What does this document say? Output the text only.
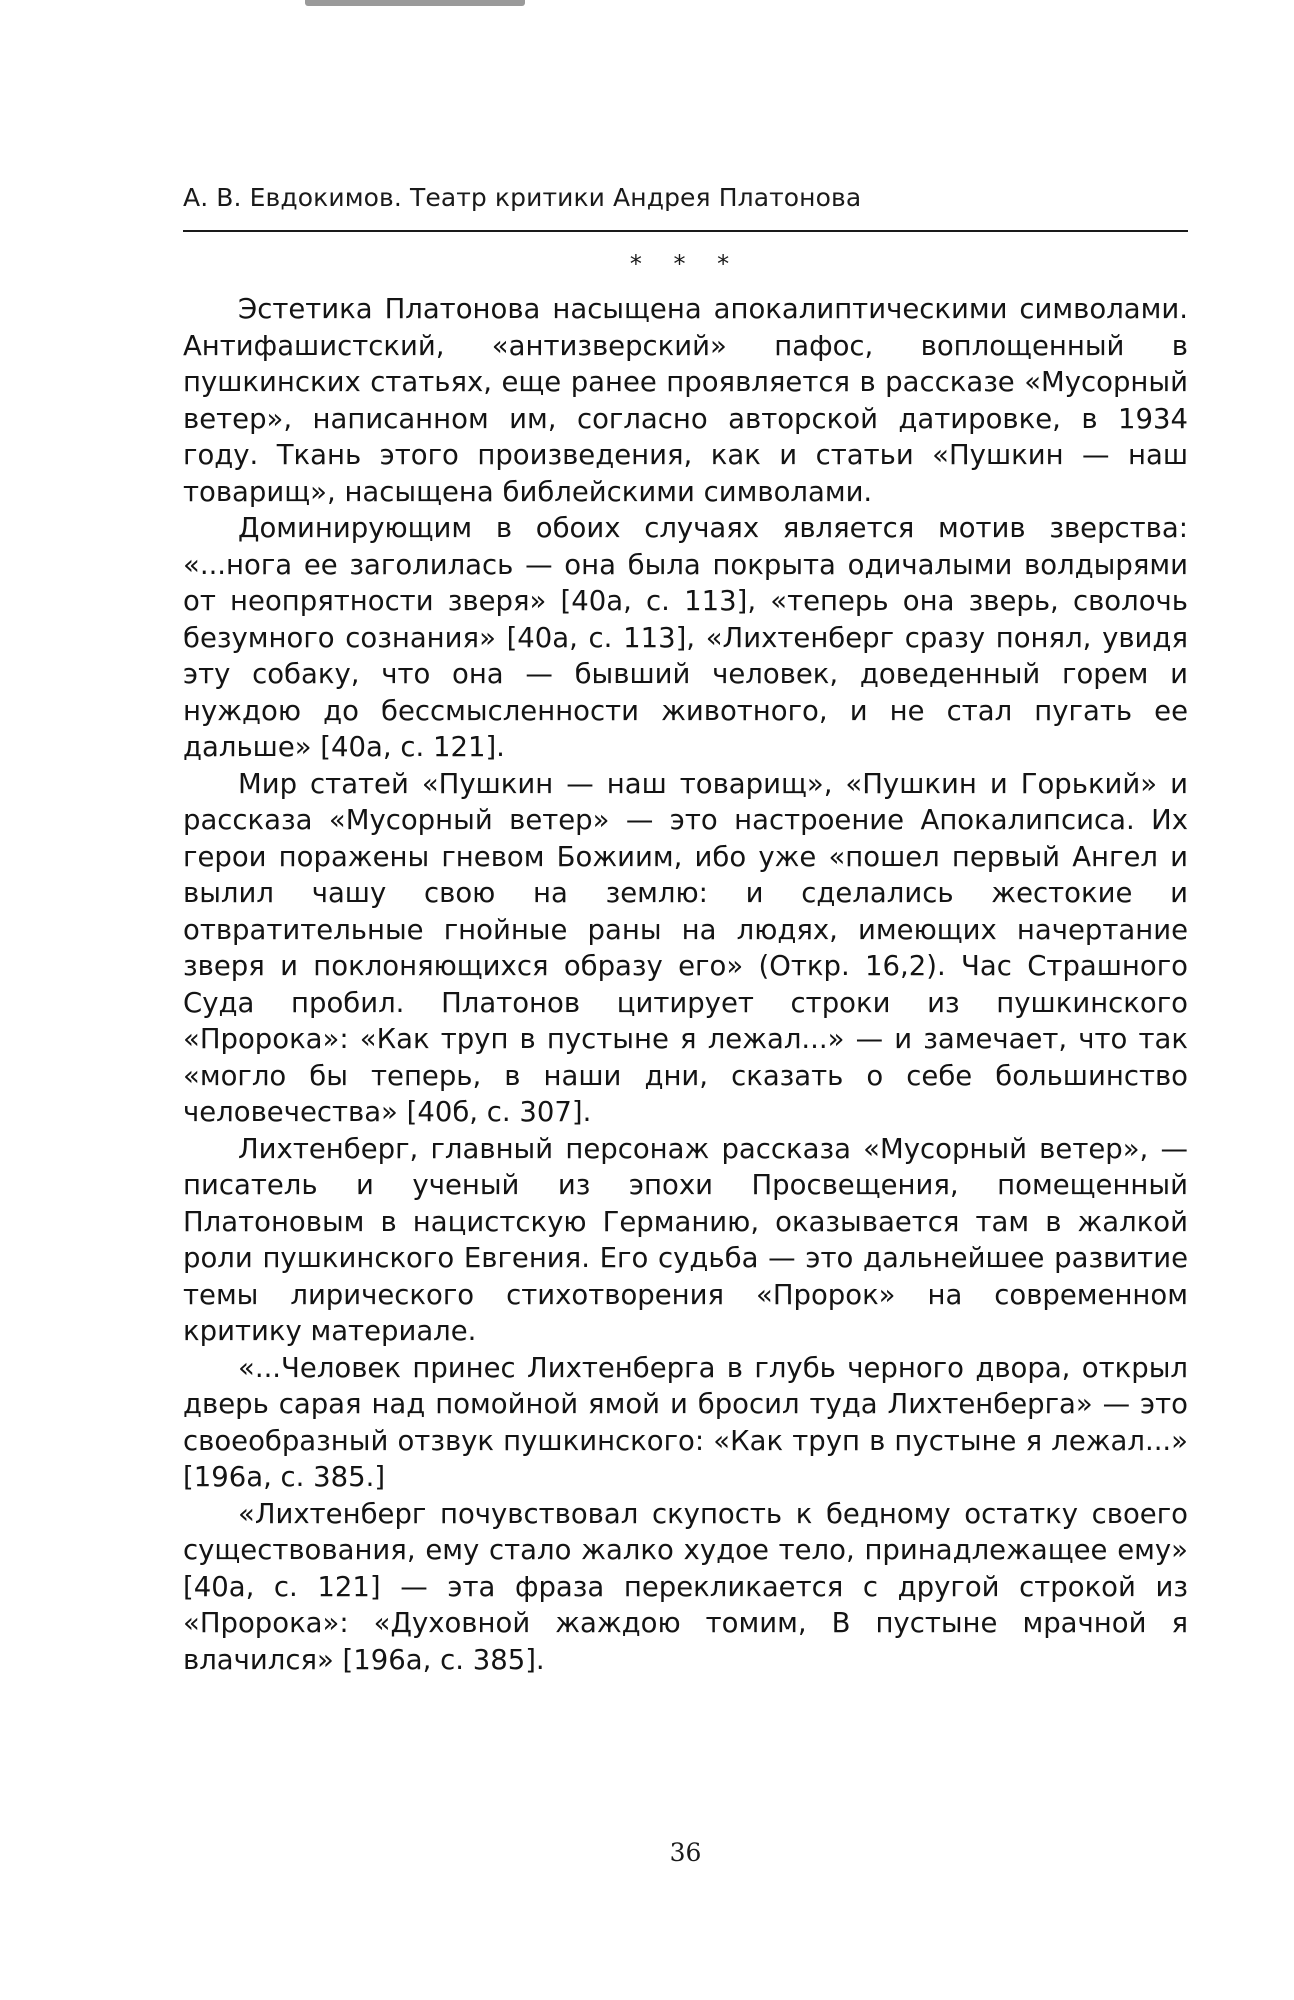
А. В. Евдокимов. Театр критики Андрея Платонова
* * *

Эстетика Платонова насыщена апокалиптическими символами. Антифашистский, «антизверский» пафос, воплощенный в пушкинских статьях, еще ранее проявляется в рассказе «Мусорный ветер», написанном им, согласно авторской датировке, в 1934 году. Ткань этого произведения, как и статьи «Пушкин — наш товарищ», насыщена библейскими символами.

Доминирующим в обоих случаях является мотив зверства: «...нога ее заголилась — она была покрыта одичалыми волдырями от неопрятности зверя» [40а, с. 113], «теперь она зверь, сволочь безумного сознания» [40а, с. 113], «Лихтенберг сразу понял, увидя эту собаку, что она — бывший человек, доведенный горем и нуждою до бессмысленности животного, и не стал пугать ее дальше» [40а, с. 121].

Мир статей «Пушкин — наш товарищ», «Пушкин и Горький» и рассказа «Мусорный ветер» — это настроение Апокалипсиса. Их герои поражены гневом Божиим, ибо уже «пошел первый Ангел и вылил чашу свою на землю: и сделались жестокие и отвратительные гнойные раны на людях, имеющих начертание зверя и поклоняющихся образу его» (Откр. 16,2). Час Страшного Суда пробил. Платонов цитирует строки из пушкинского «Пророка»: «Как труп в пустыне я лежал...» — и замечает, что так «могло бы теперь, в наши дни, сказать о себе большинство человечества» [40б, с. 307].

Лихтенберг, главный персонаж рассказа «Мусорный ветер», — писатель и ученый из эпохи Просвещения, помещенный Платоновым в нацистскую Германию, оказывается там в жалкой роли пушкинского Евгения. Его судьба — это дальнейшее развитие темы лирического стихотворения «Пророк» на современном критику материале.

«...Человек принес Лихтенберга в глубь черного двора, открыл дверь сарая над помойной ямой и бросил туда Лихтенберга» — это своеобразный отзвук пушкинского: «Как труп в пустыне я лежал...» [196а, с. 385.]

«Лихтенберг почувствовал скупость к бедному остатку своего существования, ему стало жалко худое тело, принадлежащее ему» [40а, с. 121] — эта фраза перекликается с другой строкой из «Пророка»: «Духовной жаждою томим, В пустыне мрачной я влачился» [196а, с. 385].

36
